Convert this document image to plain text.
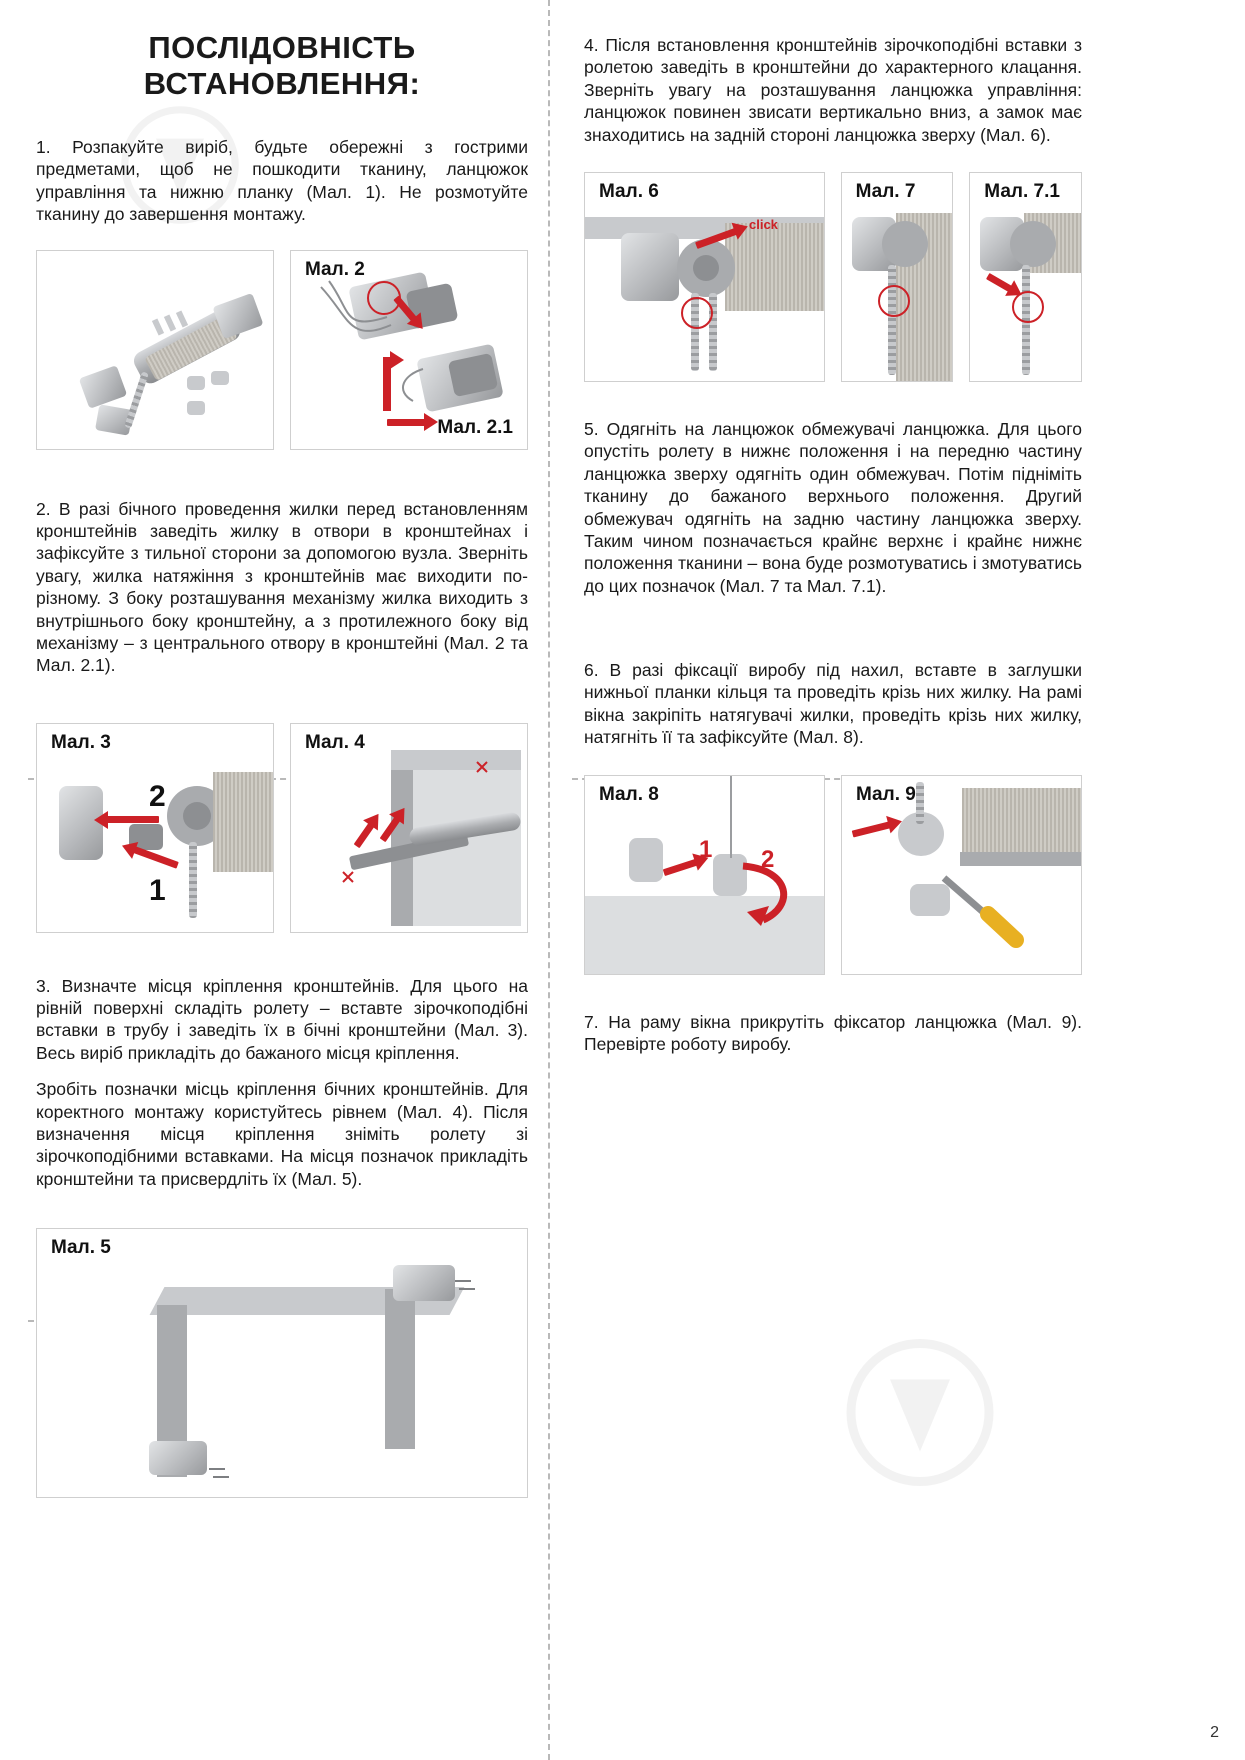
ПОСЛІДОВНІСТЬ ВСТАНОВЛЕННЯ:

1. Розпакуйте виріб, будьте обережні з гострими предметами, щоб не пошкодити тканину, ланцюжок управління та нижню планку (Мал. 1). Не розмотуйте тканину до завершення монтажу.

Мал. 2
Мал. 2.1

2. В разі бічного проведення жилки перед встановленням кронштейнів заведіть жилку в отвори в кронштейнах і зафіксуйте з тильної сторони за допомогою вузла. Зверніть увагу, жилка натяжіння з кронштейнів має виходити по-різному. З боку розташування механізму жилка виходить з внутрішнього боку кронштейну, а з протилежного боку від механізму – з центрального отвору в кронштейні (Мал. 2 та Мал. 2.1).

Мал. 3
2
1
Мал. 4

3. Визначте місця кріплення кронштейнів. Для цього на рівній поверхні складіть ролету – вставте зірочкоподібні вставки в трубу і заведіть їх в бічні кронштейни (Мал. 3). Весь виріб прикладіть до бажаного місця кріплення.

Зробіть позначки місць кріплення бічних кронштейнів. Для коректного монтажу користуйтесь рівнем (Мал. 4). Після визначення місця кріплення зніміть ролету зі зірочкоподібними вставками. На місця позначок прикладіть кронштейни та присвердліть їх (Мал. 5).

Мал. 5

4. Після встановлення кронштейнів зірочкоподібні вставки з ролетою заведіть в кронштейни до характерного клацання. Зверніть увагу на розташування ланцюжка управління: ланцюжок повинен звисати вертикально вниз, а замок має знаходитись на задній стороні ланцюжка зверху (Мал. 6).

Мал. 6
click
Мал. 7	Мал. 7.1

5. Одягніть на ланцюжок обмежувачі ланцюжка. Для цього опустіть ролету в нижнє положення і на передню частину ланцюжка зверху одягніть один обмежувач. Потім підніміть тканину до бажаного верхнього положення. Другий обмежувач одягніть на задню частину ланцюжка зверху. Таким чином позначається крайнє верхнє і крайнє нижнє положення тканини – вона буде розмотуватись і змотуватись до цих позначок (Мал. 7 та Мал. 7.1).

6. В разі фіксації виробу під нахил, вставте в заглушки нижньої планки кільця та проведіть крізь них жилку. На рамі вікна закріпіть натягувачі жилки, проведіть крізь них жилку, натягніть її та зафіксуйте (Мал. 8).

Мал. 8
1 2
Мал. 9

7. На раму вікна прикрутіть фіксатор ланцюжка (Мал. 9). Перевірте роботу виробу.

2
